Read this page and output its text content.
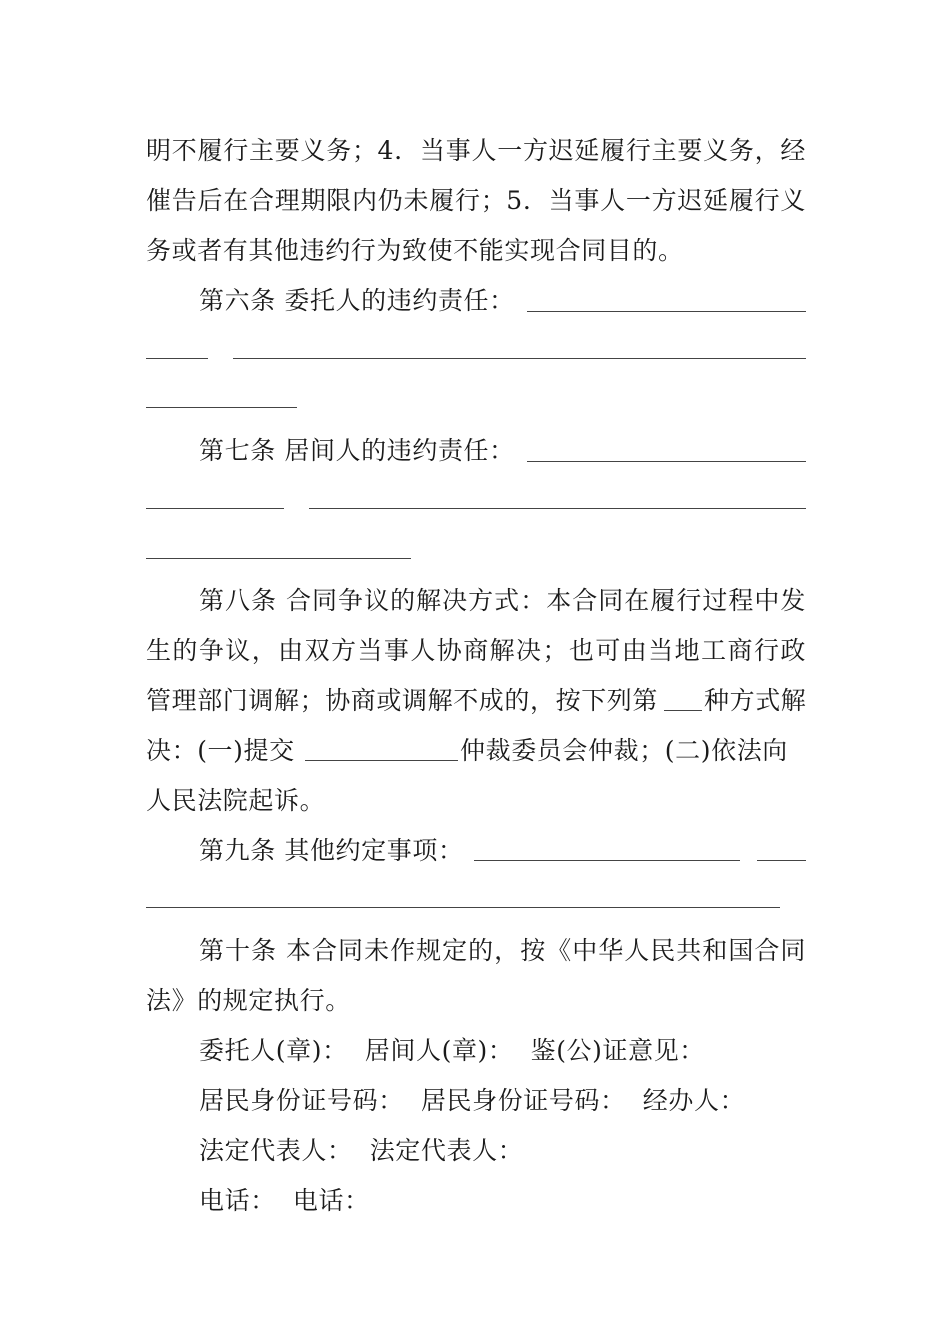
明不履行主要义务；4．当事人一方迟延履行主要义务，经
催告后在合理期限内仍未履行；5．当事人一方迟延履行义
务或者有其他违约行为致使不能实现合同目的。
第六条 委托人的违约责任：
第七条 居间人的违约责任：
第八条 合同争议的解决方式：本合同在履行过程中发
生的争议，由双方当事人协商解决；也可由当地工商行政
管理部门调解；协商或调解不成的，按下列第 种方式解
决：(一)提交	仲裁委员会仲裁；(二)依法向
人民法院起诉。
第九条 其他约定事项：
第十条 本合同未作规定的，按《中华人民共和国合同
法》的规定执行。
委托人(章)：  居间人(章)：  鉴(公)证意见：
居民身份证号码：  居民身份证号码：  经办人：
法定代表人：  法定代表人：
电话：  电话：
